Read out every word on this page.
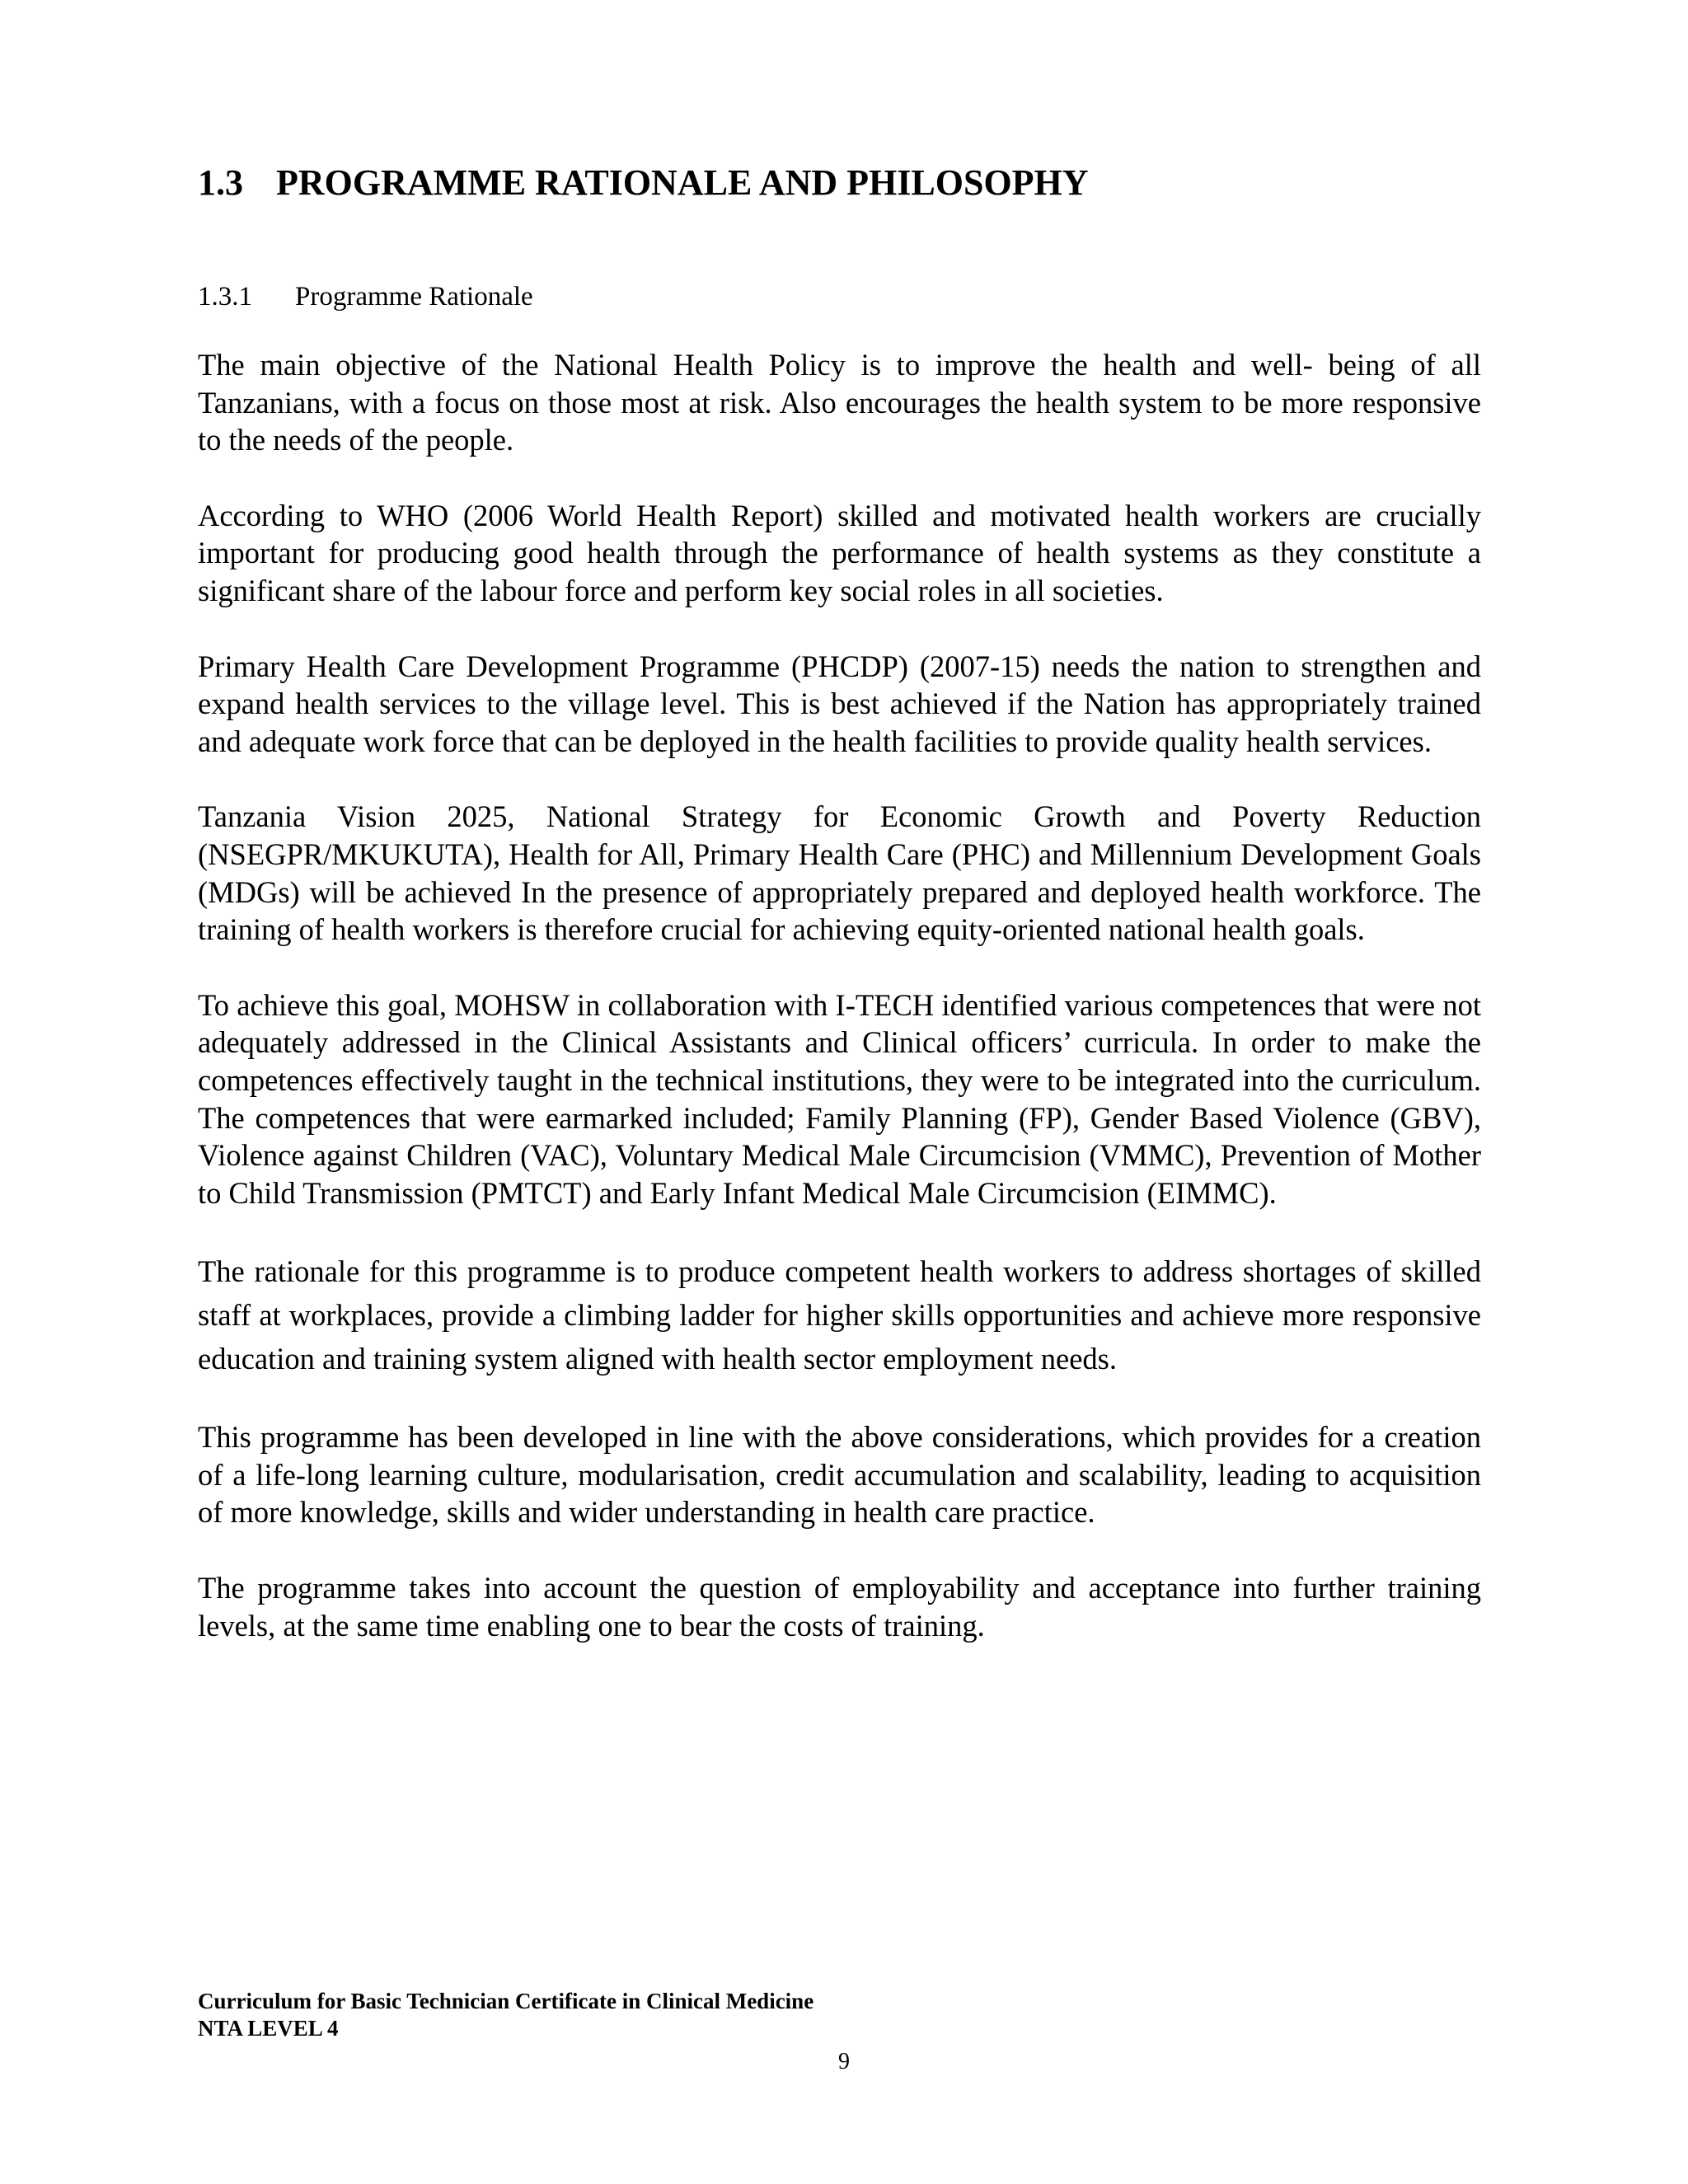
1.3 PROGRAMME RATIONALE AND PHILOSOPHY
1.3.1 Programme Rationale

The main objective of the National Health Policy is to improve the health and well- being of all Tanzanians, with a focus on those most at risk. Also encourages the health system to be more responsive to the needs of the people.

According to WHO (2006 World Health Report) skilled and motivated health workers are crucially important for producing good health through the performance of health systems as they constitute a significant share of the labour force and perform key social roles in all societies.

Primary Health Care Development Programme (PHCDP) (2007-15) needs the nation to strengthen and expand health services to the village level. This is best achieved if the Nation has appropriately trained and adequate work force that can be deployed in the health facilities to provide quality health services.

Tanzania Vision 2025, National Strategy for Economic Growth and Poverty Reduction (NSEGPR/MKUKUTA), Health for All, Primary Health Care (PHC) and Millennium Development Goals (MDGs) will be achieved In the presence of appropriately prepared and deployed health workforce. The training of health workers is therefore crucial for achieving equity-oriented national health goals.

To achieve this goal, MOHSW in collaboration with I-TECH identified various competences that were not adequately addressed in the Clinical Assistants and Clinical officers’ curricula. In order to make the competences effectively taught in the technical institutions, they were to be integrated into the curriculum. The competences that were earmarked included; Family Planning (FP), Gender Based Violence (GBV), Violence against Children (VAC), Voluntary Medical Male Circumcision (VMMC), Prevention of Mother to Child Transmission (PMTCT) and Early Infant Medical Male Circumcision (EIMMC).

The rationale for this programme is to produce competent health workers to address shortages of skilled staff at workplaces, provide a climbing ladder for higher skills opportunities and achieve more responsive education and training system aligned with health sector employment needs.

This programme has been developed in line with the above considerations, which provides for a creation of a life-long learning culture, modularisation, credit accumulation and scalability, leading to acquisition of more knowledge, skills and wider understanding in health care practice.

The programme takes into account the question of employability and acceptance into further training levels, at the same time enabling one to bear the costs of training.

Curriculum for Basic Technician Certificate in Clinical Medicine
NTA LEVEL 4
9
